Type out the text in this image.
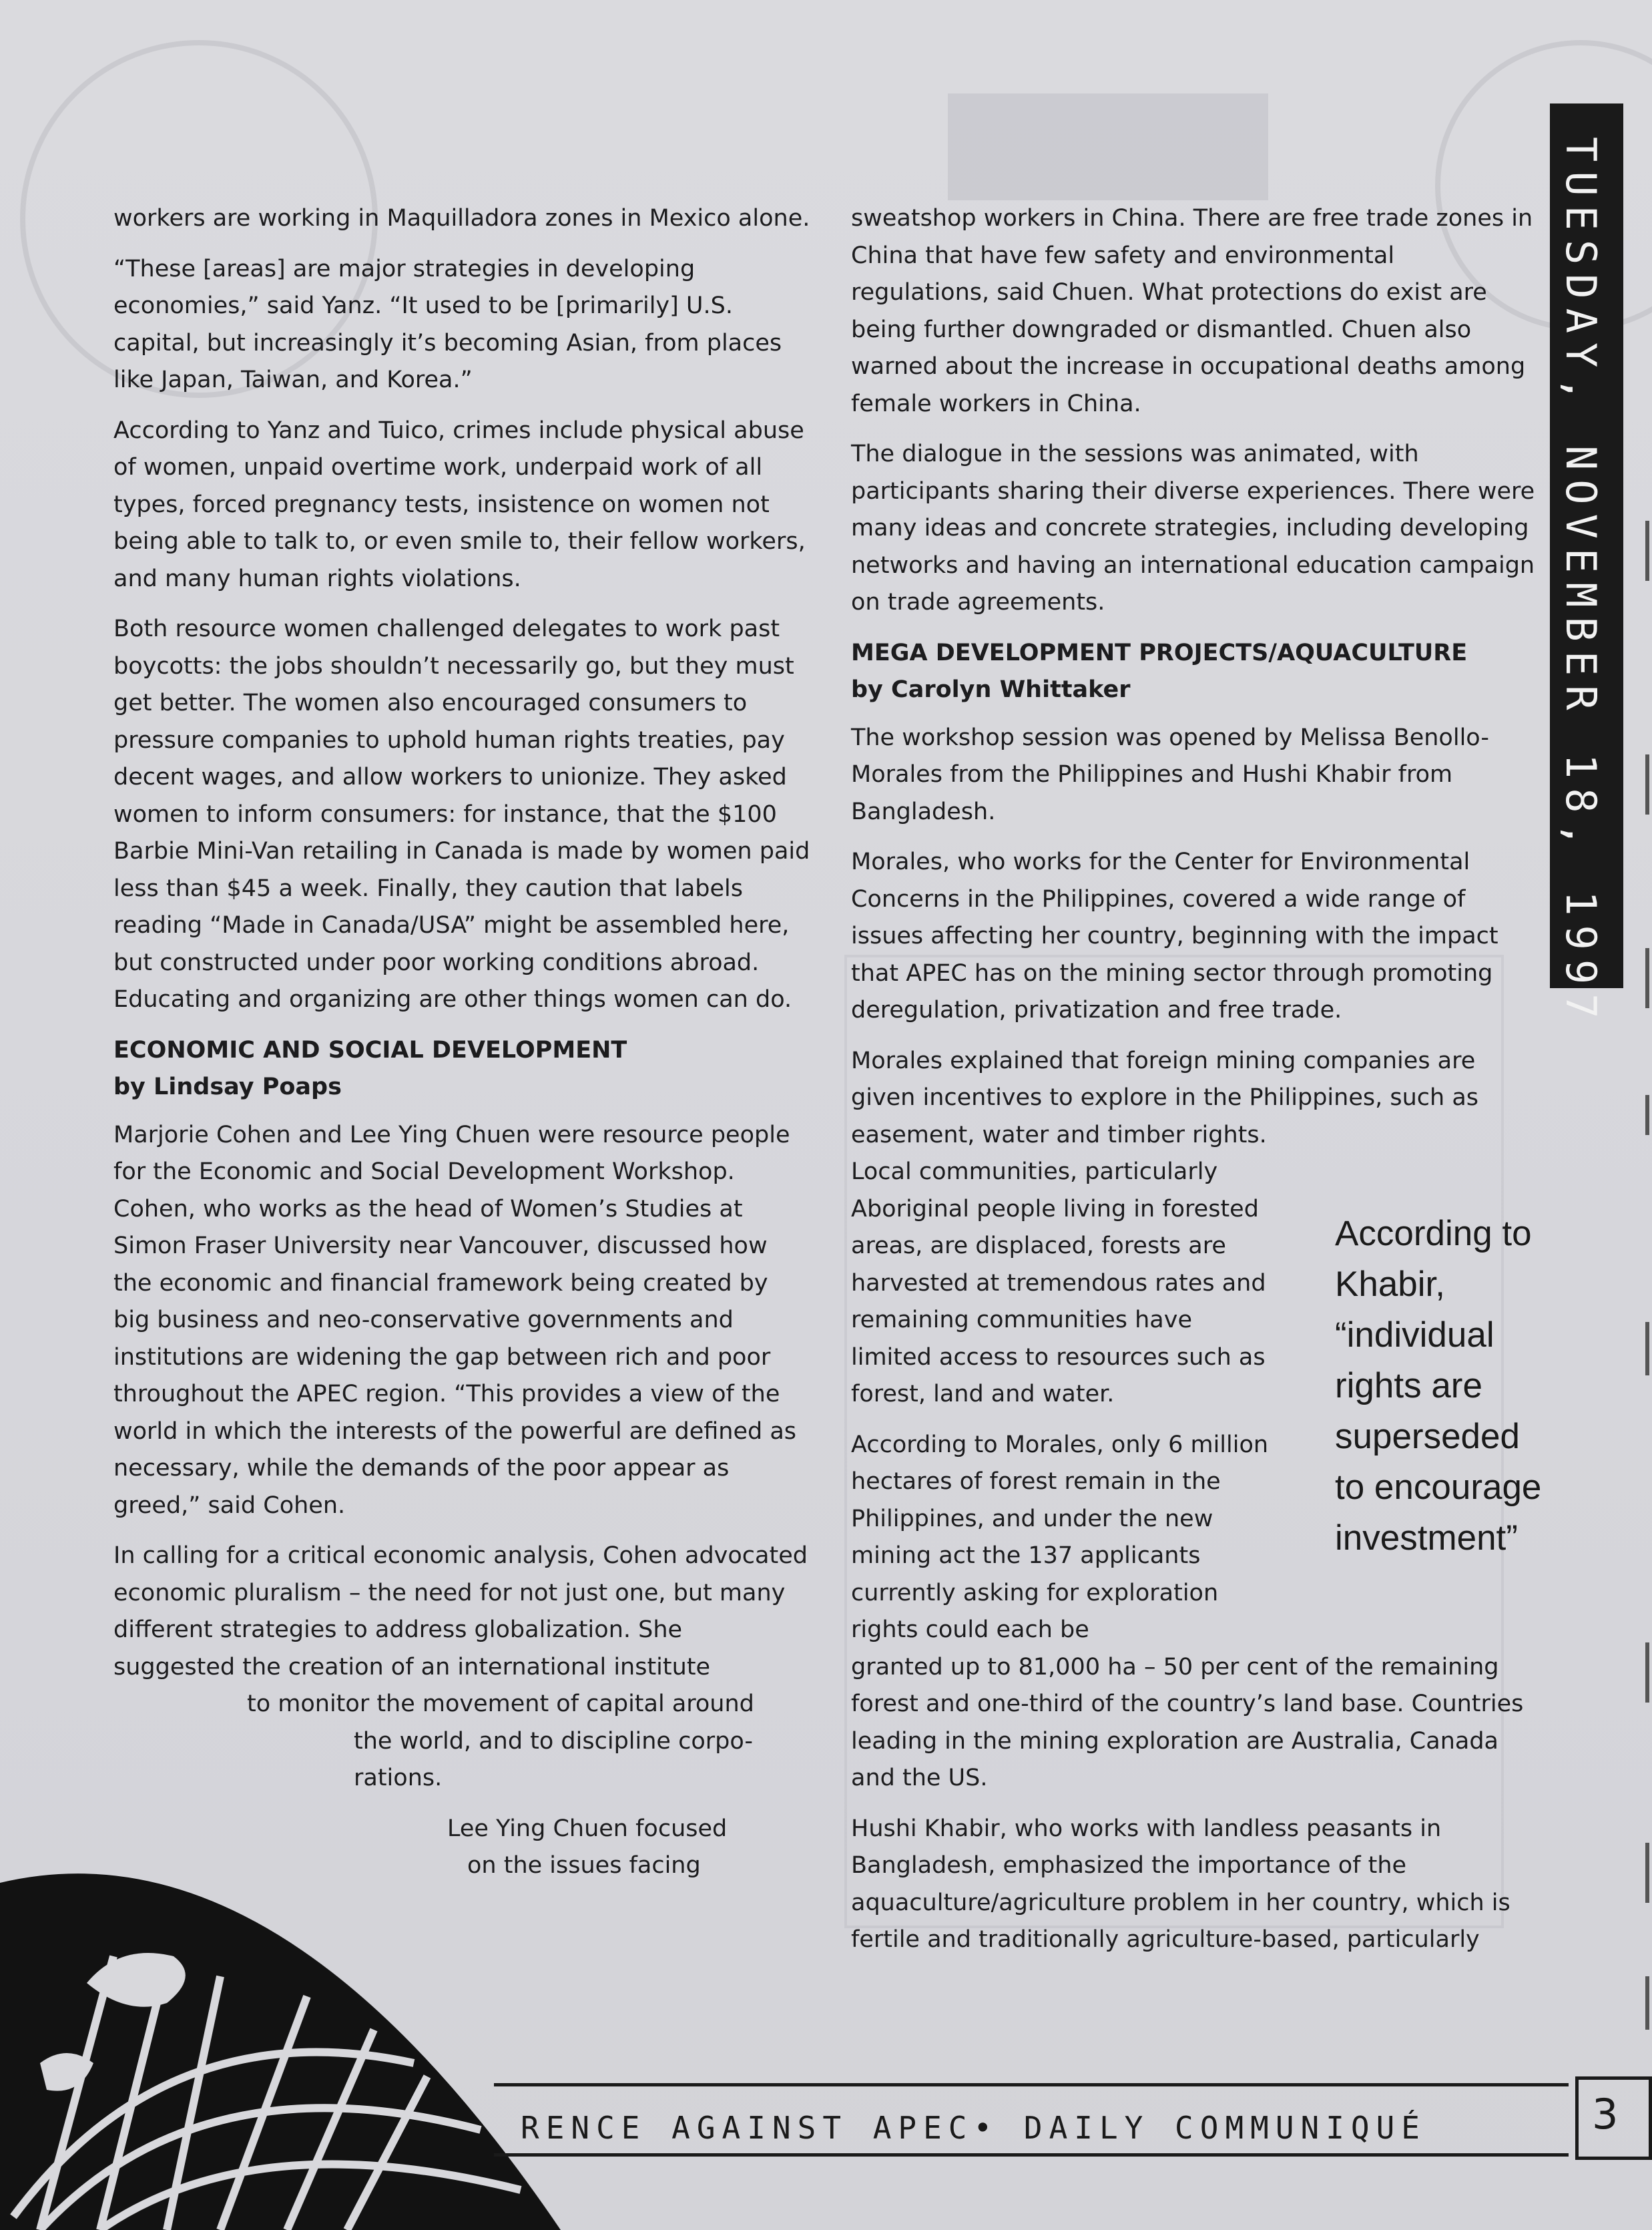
workers are working in Maquilladora zones in Mexico alone.

“These [areas] are major strategies in developing economies,” said Yanz. “It used to be [primarily] U.S. capital, but increasingly it’s becoming Asian, from places like Japan, Taiwan, and Korea.”

According to Yanz and Tuico, crimes include physical abuse of women, unpaid overtime work, underpaid work of all types, forced pregnancy tests, insistence on women not being able to talk to, or even smile to, their fellow workers, and many human rights violations.

Both resource women challenged delegates to work past boycotts: the jobs shouldn’t necessarily go, but they must get better. The women also encouraged consumers to pressure companies to uphold human rights treaties, pay decent wages, and allow workers to unionize. They asked women to inform consumers: for instance, that the $100 Barbie Mini-Van retailing in Canada is made by women paid less than $45 a week. Finally, they caution that labels reading “Made in Canada/USA” might be assembled here, but constructed under poor working conditions abroad. Educating and organizing are other things women can do.

ECONOMIC AND SOCIAL DEVELOPMENT

by Lindsay Poaps

Marjorie Cohen and Lee Ying Chuen were resource people for the Economic and Social Development Workshop. Cohen, who works as the head of Women’s Studies at Simon Fraser University near Vancouver, discussed how the economic and financial framework being created by big business and neo-conservative governments and institutions are widening the gap between rich and poor throughout the APEC region. “This provides a view of the world in which the interests of the powerful are defined as necessary, while the demands of the poor appear as greed,” said Cohen.

In calling for a critical economic analysis, Cohen advocated economic pluralism – the need for not just one, but many different strategies to address globalization. She suggested the creation of an international institute
to monitor the movement of capital around
the world, and to discipline corpo-
rations.
Lee Ying Chuen focused
on the issues facing

sweatshop workers in China. There are free trade zones in China that have few safety and environmental regulations, said Chuen. What protections do exist are being further downgraded or dismantled. Chuen also warned about the increase in occupational deaths among female workers in China.

The dialogue in the sessions was animated, with participants sharing their diverse experiences. There were many ideas and concrete strategies, including developing networks and having an international education campaign on trade agreements.

MEGA DEVELOPMENT PROJECTS/AQUACULTURE

by Carolyn Whittaker

The workshop session was opened by Melissa Benollo-Morales from the Philippines and Hushi Khabir from Bangladesh.

Morales, who works for the Center for Environmental Concerns in the Philippines, covered a wide range of issues affecting her country, beginning with the impact that APEC has on the mining sector through promoting deregulation, privatization and free trade.

Morales explained that foreign mining companies are given incentives to explore in the Philippines, such as easement, water and timber rights.

Local communities, particularly Aboriginal people living in forested areas, are displaced, forests are harvested at tremendous rates and remaining communities have limited access to resources such as forest, land and water.

According to Morales, only 6 million hectares of forest remain in the Philippines, and under the new mining act the 137 applicants currently asking for exploration rights could each be
granted up to 81,000 ha – 50 per cent of the remaining forest and one-third of the country’s land base. Countries leading in the mining exploration are Australia, Canada and the US.

Hushi Khabir, who works with landless peasants in Bangladesh, emphasized the importance of the aquaculture/agriculture problem in her country, which is fertile and traditionally agriculture-based, particularly

According to Khabir, “individual rights are superseded to encourage investment”
TUESDAY, NOVEMBER 18, 1997
RENCE AGAINST APEC• DAILY COMMUNIQUÉ	3
